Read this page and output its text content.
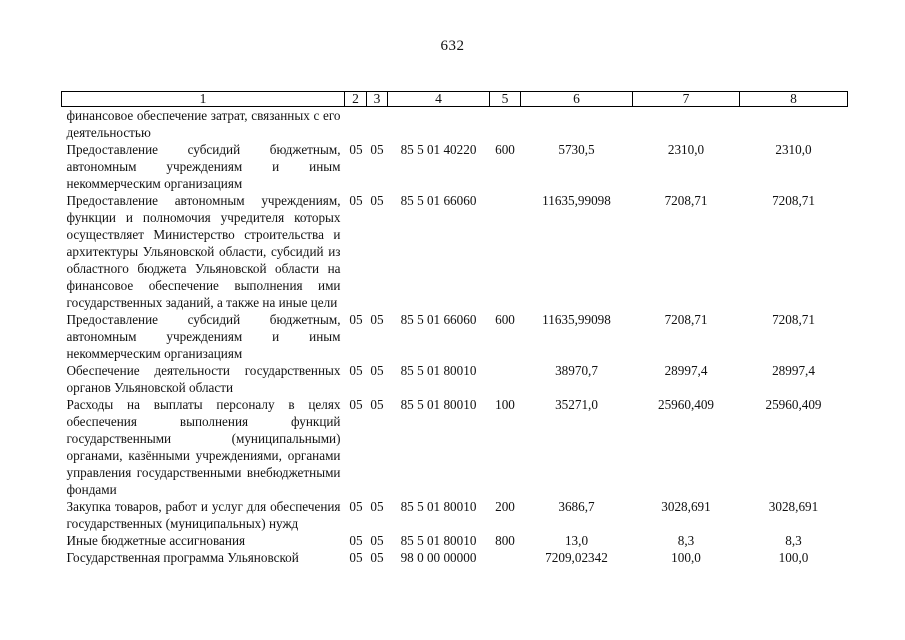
632
1	2	3	4	5	6	7	8
финансовое обеспечение затрат, связанных с его деятельностью							
Предоставление субсидий бюджетным, автономным учреждениям и иным некоммерческим организациям	05	05	85 5 01 40220	600	5730,5	2310,0	2310,0
Предоставление автономным учреждениям, функции и полномочия учредителя которых осуществляет Министерство строительства и архитектуры Ульяновской области, субсидий из областного бюджета Ульяновской области на финансовое обеспечение выполнения ими государственных заданий, а также на иные цели	05	05	85 5 01 66060		11635,99098	7208,71	7208,71
Предоставление субсидий бюджетным, автономным учреждениям и иным некоммерческим организациям	05	05	85 5 01 66060	600	11635,99098	7208,71	7208,71
Обеспечение деятельности государственных органов Ульяновской области	05	05	85 5 01 80010		38970,7	28997,4	28997,4
Расходы на выплаты персоналу в целях обеспечения выполнения функций государственными (муниципальными) органами, казёнными учреждениями, органами управления государственными внебюджетными фондами	05	05	85 5 01 80010	100	35271,0	25960,409	25960,409
Закупка товаров, работ и услуг для обеспечения государственных (муниципальных) нужд	05	05	85 5 01 80010	200	3686,7	3028,691	3028,691
Иные бюджетные ассигнования	05	05	85 5 01 80010	800	13,0	8,3	8,3
Государственная программа Ульяновской	05	05	98 0 00 00000		7209,02342	100,0	100,0
